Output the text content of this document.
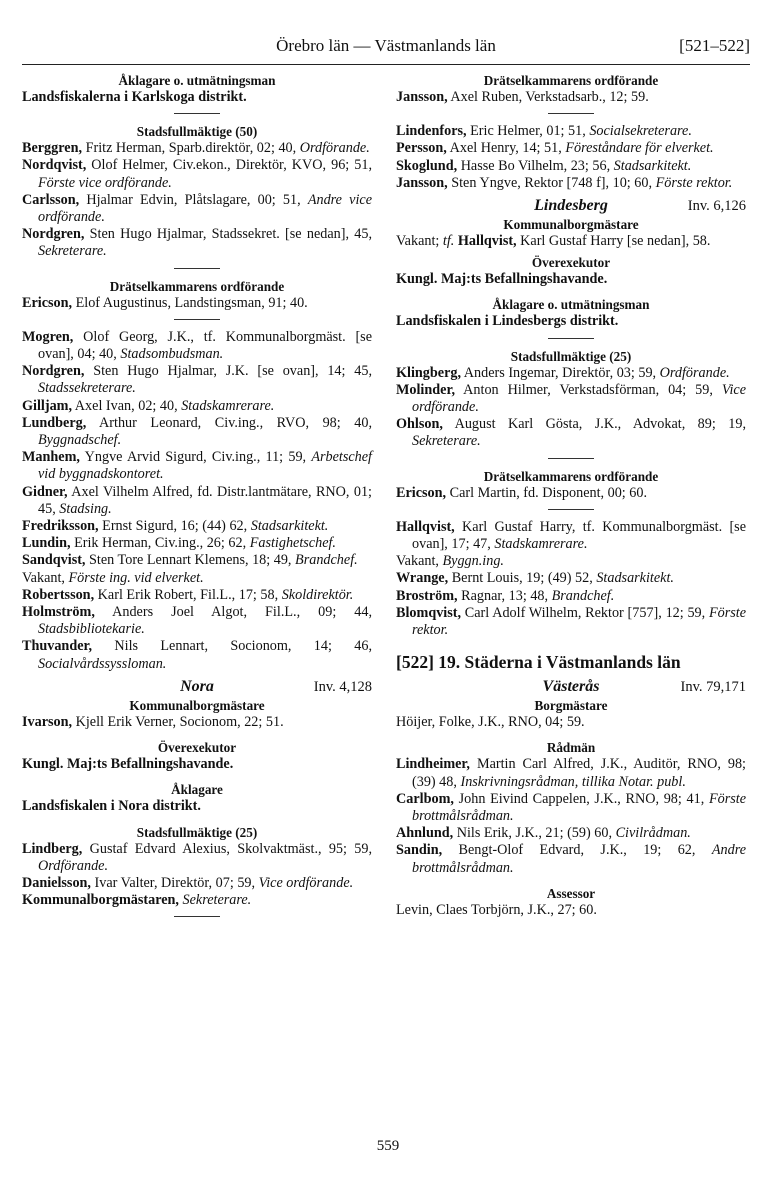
Örebro län — Västmanlands län	[521–522]
Åklagare o. utmätningsman
Landsfiskalerna i Karlskoga distrikt.
Stadsfullmäktige (50)
Berggren, Fritz Herman, Sparb.direktör, 02; 40, Ordförande.
Nordqvist, Olof Helmer, Civ.ekon., Direktör, KVO, 96; 51, Förste vice ordförande.
Carlsson, Hjalmar Edvin, Plåtslagare, 00; 51, Andre vice ordförande.
Nordgren, Sten Hugo Hjalmar, Stadssekret. [se nedan], 45, Sekreterare.
Drätselkammarens ordförande
Ericson, Elof Augustinus, Landstingsman, 91; 40.
Mogren, Olof Georg, J.K., tf. Kommunalborgmäst. [se ovan], 04; 40, Stadsombudsman.
Nordgren, Sten Hugo Hjalmar, J.K. [se ovan], 14; 45, Stadssekreterare.
Gilljam, Axel Ivan, 02; 40, Stadskamrerare.
Lundberg, Arthur Leonard, Civ.ing., RVO, 98; 40, Byggnadschef.
Manhem, Yngve Arvid Sigurd, Civ.ing., 11; 59, Arbetschef vid byggnadskontoret.
Gidner, Axel Vilhelm Alfred, fd. Distr.lantmätare, RNO, 01; 45, Stadsing.
Fredriksson, Ernst Sigurd, 16; (44) 62, Stadsarkitekt.
Lundin, Erik Herman, Civ.ing., 26; 62, Fastighetschef.
Sandqvist, Sten Tore Lennart Klemens, 18; 49, Brandchef.
Vakant, Förste ing. vid elverket.
Robertsson, Karl Erik Robert, Fil.L., 17; 58, Skoldirektör.
Holmström, Anders Joel Algot, Fil.L., 09; 44, Stadsbibliotekarie.
Thuvander, Nils Lennart, Socionom, 14; 46, Socialvårdssyssloman.
Nora	Inv. 4,128
Kommunalborgmästare
Ivarson, Kjell Erik Verner, Socionom, 22; 51.
Överexekutor
Kungl. Maj:ts Befallningshavande.
Åklagare
Landsfiskalen i Nora distrikt.
Stadsfullmäktige (25)
Lindberg, Gustaf Edvard Alexius, Skolvaktmäst., 95; 59, Ordförande.
Danielsson, Ivar Valter, Direktör, 07; 59, Vice ordförande.
Kommunalborgmästaren, Sekreterare.
Drätselkammarens ordförande
Jansson, Axel Ruben, Verkstadsarb., 12; 59.
Lindenfors, Eric Helmer, 01; 51, Socialsekreterare.
Persson, Axel Henry, 14; 51, Föreståndare för elverket.
Skoglund, Hasse Bo Vilhelm, 23; 56, Stadsarkitekt.
Jansson, Sten Yngve, Rektor [748 f], 10; 60, Förste rektor.
Lindesberg	Inv. 6,126
Kommunalborgmästare
Vakant; tf. Hallqvist, Karl Gustaf Harry [se nedan], 58.
Överexekutor
Kungl. Maj:ts Befallningshavande.
Åklagare o. utmätningsman
Landsfiskalen i Lindesbergs distrikt.
Stadsfullmäktige (25)
Klingberg, Anders Ingemar, Direktör, 03; 59, Ordförande.
Molinder, Anton Hilmer, Verkstadsförman, 04; 59, Vice ordförande.
Ohlson, August Karl Gösta, J.K., Advokat, 89; 19, Sekreterare.
Drätselkammarens ordförande
Ericson, Carl Martin, fd. Disponent, 00; 60.
Hallqvist, Karl Gustaf Harry, tf. Kommunalborgmäst. [se ovan], 17; 47, Stadskamrerare.
Vakant, Byggn.ing.
Wrange, Bernt Louis, 19; (49) 52, Stadsarkitekt.
Broström, Ragnar, 13; 48, Brandchef.
Blomqvist, Carl Adolf Wilhelm, Rektor [757], 12; 59, Förste rektor.
[522] 19. Städerna i Västmanlands län
Västerås	Inv. 79,171
Borgmästare
Höijer, Folke, J.K., RNO, 04; 59.
Rådmän
Lindheimer, Martin Carl Alfred, J.K., Auditör, RNO, 98; (39) 48, Inskrivningsrådman, tillika Notar. publ.
Carlbom, John Eivind Cappelen, J.K., RNO, 98; 41, Förste brottmålsrådman.
Ahnlund, Nils Erik, J.K., 21; (59) 60, Civilrådman.
Sandin, Bengt-Olof Edvard, J.K., 19; 62, Andre brottmålsrådman.
Assessor
Levin, Claes Torbjörn, J.K., 27; 60.
559
